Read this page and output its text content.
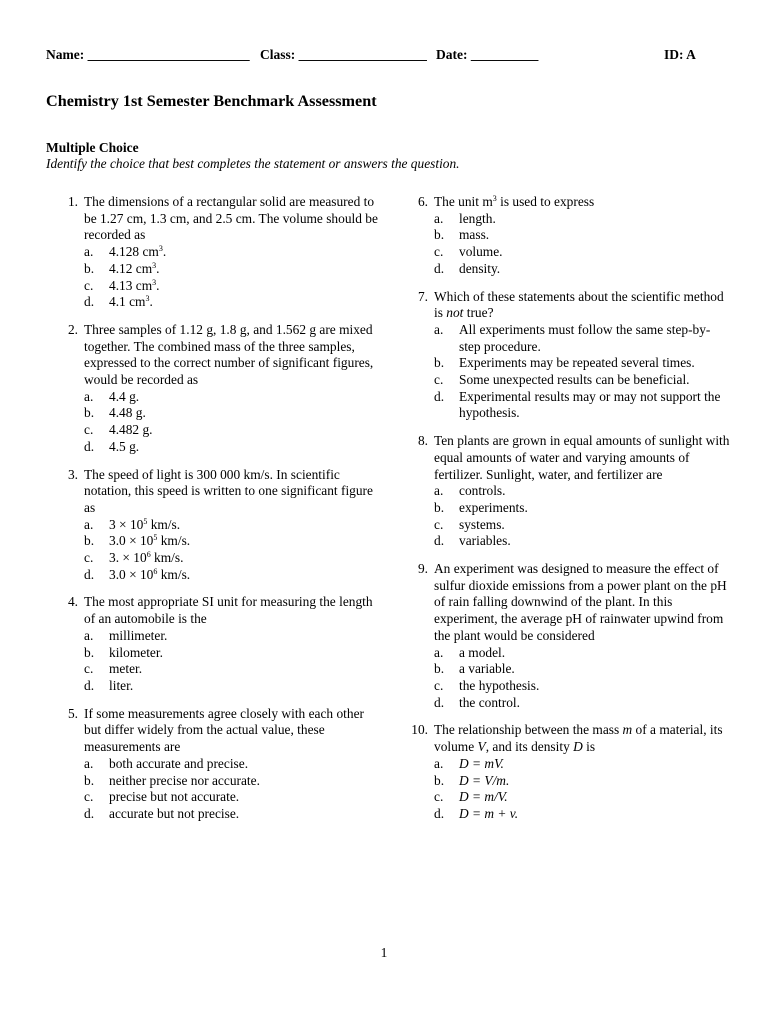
Name: ________________________ Class: ___________________ Date: __________	ID: A
Chemistry 1st Semester Benchmark Assessment
Multiple Choice
Identify the choice that best completes the statement or answers the question.
1. The dimensions of a rectangular solid are measured to be 1.27 cm, 1.3 cm, and 2.5 cm. The volume should be recorded as
a. 4.128 $cm^3$.
b. 4.12 $cm^3$.
c. 4.13 $cm^3$.
d. 4.1 $cm^3$.
2. Three samples of 1.12 g, 1.8 g, and 1.562 g are mixed together. The combined mass of the three samples, expressed to the correct number of significant figures, would be recorded as
a. 4.4 g.
b. 4.48 g.
c. 4.482 g.
d. 4.5 g.
3. The speed of light is 300 000 km/s. In scientific notation, this speed is written to one significant figure as
a. $3 \times 10^5$ km/s.
b. $3.0 \times 10^5$ km/s.
c. 3. × $10^6$ km/s.
d. $3.0 \times 10^6$ km/s.
4. The most appropriate SI unit for measuring the length of an automobile is the
a. millimeter.
b. kilometer.
c. meter.
d. liter.
5. If some measurements agree closely with each other but differ widely from the actual value, these measurements are
a. both accurate and precise.
b. neither precise nor accurate.
c. precise but not accurate.
d. accurate but not precise.
6. The unit $m^3$ is used to express
a. length.
b. mass.
c. volume.
d. density.
7. Which of these statements about the scientific method is not true?
a. All experiments must follow the same step-by-step procedure.
b. Experiments may be repeated several times.
c. Some unexpected results can be beneficial.
d. Experimental results may or may not support the hypothesis.
8. Ten plants are grown in equal amounts of sunlight with equal amounts of water and varying amounts of fertilizer. Sunlight, water, and fertilizer are
a. controls.
b. experiments.
c. systems.
d. variables.
9. An experiment was designed to measure the effect of sulfur dioxide emissions from a power plant on the pH of rain falling downwind of the plant. In this experiment, the average pH of rainwater upwind from the plant would be considered
a. a model.
b. a variable.
c. the hypothesis.
d. the control.
10. The relationship between the mass m of a material, its volume V, and its density D is
a. D = mV.
b. D = V/m.
c. D = m/V.
d. D = m + v.
1
